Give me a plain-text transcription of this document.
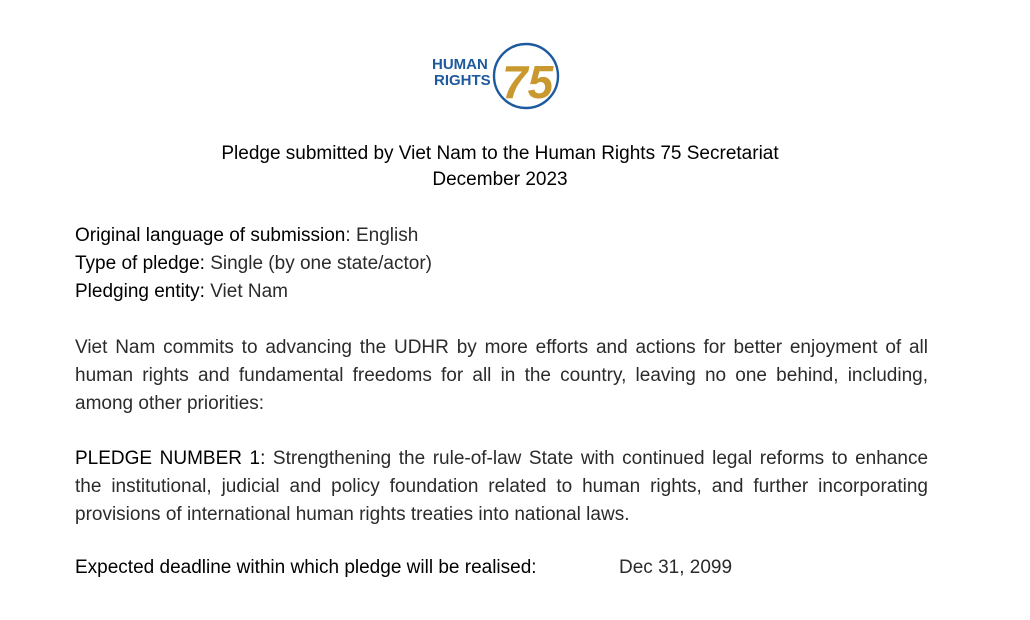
HUMAN
RIGHTS 75
Pledge submitted by Viet Nam to the Human Rights 75 Secretariat
December 2023
Original language of submission: English
Type of pledge: Single (by one state/actor)
Pledging entity: Viet Nam
Viet Nam commits to advancing the UDHR by more efforts and actions for better enjoyment of all human rights and fundamental freedoms for all in the country, leaving no one behind, including, among other priorities:
PLEDGE NUMBER 1: Strengthening the rule-of-law State with continued legal reforms to enhance the institutional, judicial and policy foundation related to human rights, and further incorporating provisions of international human rights treaties into national laws.
Expected deadline within which pledge will be realised:	Dec 31, 2099
